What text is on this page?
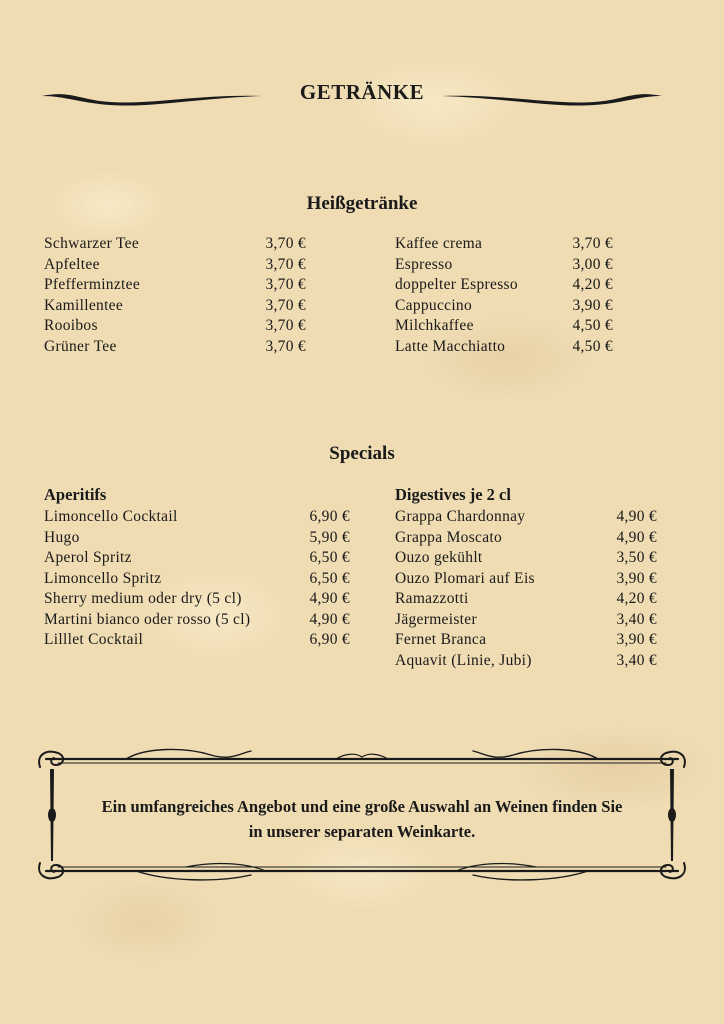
GETRÄNKE
Heißgetränke
Schwarzer Tee	3,70 €
Apfeltee	3,70 €
Pfefferminztee	3,70 €
Kamillentee	3,70 €
Rooibos	3,70 €
Grüner Tee	3,70 €
Kaffee crema	3,70 €
Espresso	3,00 €
doppelter Espresso	4,20 €
Cappuccino	3,90 €
Milchkaffee	4,50 €
Latte Macchiatto	4,50 €
Specials
Aperitifs
Limoncello Cocktail	6,90 €
Hugo	5,90 €
Aperol Spritz	6,50 €
Limoncello Spritz	6,50 €
Sherry medium oder dry (5 cl)	4,90 €
Martini bianco oder rosso (5 cl)	4,90 €
Lilllet Cocktail	6,90 €
Digestives je 2 cl
Grappa Chardonnay	4,90 €
Grappa Moscato	4,90 €
Ouzo gekühlt	3,50 €
Ouzo Plomari auf Eis	3,90 €
Ramazzotti	4,20 €
Jägermeister	3,40 €
Fernet Branca	3,90 €
Aquavit (Linie, Jubi)	3,40 €
Ein umfangreiches Angebot und eine große Auswahl an Weinen finden Sie
in unserer separaten Weinkarte.
